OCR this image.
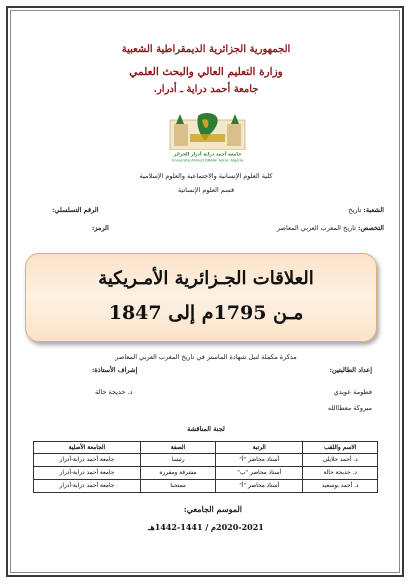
الجمهورية الجزائرية الديمقراطية الشعبية
وزارة التعليم العالي والبحث العلمي
جامعة أحمد دراية ـ أدرار.
جامعة أحمد دراية أدرار الجزائر
Université Ahmed DRAIA- Adrar- Algérie
كلية العلوم الإنسانية والاجتماعية والعلوم الإسلامية
قسم العلوم الإنسانية
الشعبة: تاريخ
الرقم التسلسلي:
التخصص: تاريخ المغرب العربي المعاصر
الرمز:
العلاقات الجـزائرية الأمـريكية
مـن 1795م إلى 1847
مذكرة مكملة لنيل شهادة الماستر في تاريخ المغرب العربي المعاصر
إعداد الطالبتين:
إشراف الأستاذة:
فطومة عويدي
د. خديجة حالة
مبروكة معطاالله
لجنة المناقشة
الاسم واللقب	الرتبة	الصفة	الجامعة الأصلية
د. أحمد جلايلي	أستاذ محاضر "أ"	رئيسا	جامعة أحمد دراية-أدرار
د. خديجة حالة	أستاذ محاضر "ب"	مشرفة ومقررة	جامعة أحمد دراية-أدرار
د. أحمد بوسعيد	أستاذ محاضر "أ"	ممتحنا	جامعة أحمد دراية-أدرار
الموسم الجامعي:
2020-2021م / 1441-1442هـ
